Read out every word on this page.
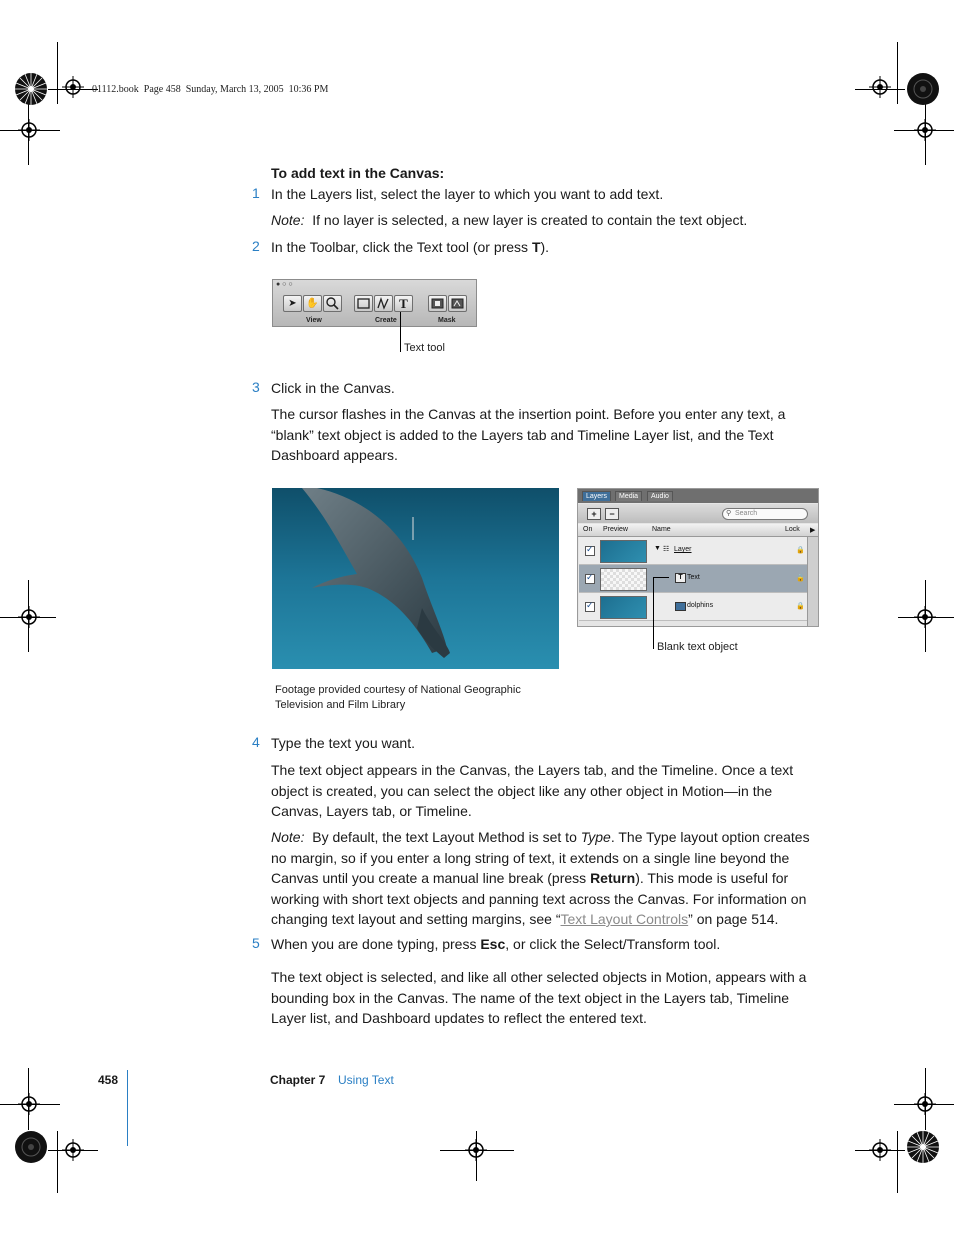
01112.book  Page 458  Sunday, March 13, 2005  10:36 PM
To add text in the Canvas:
1 In the Layers list, select the layer to which you want to add text.
Note: If no layer is selected, a new layer is created to contain the text object.
2 In the Toolbar, click the Text tool (or press T).
● ○ ○
➤ ✋	T
View	Create	Mask
Text tool
3 Click in the Canvas.
The cursor flashes in the Canvas at the insertion point. Before you enter any text, a “blank” text object is added to the Layers tab and Timeline Layer list, and the Text Dashboard appears.
Footage provided courtesy of National Geographic Television and Film Library
Layers	Media	Audio
+	−	⚲ Search
On Preview	Name	Lock ▶
✓	▼ ☷ Layer	🔒
✓	T Text	🔒
✓	dolphins	🔒
Blank text object
4 Type the text you want.
The text object appears in the Canvas, the Layers tab, and the Timeline. Once a text object is created, you can select the object like any other object in Motion—in the Canvas, Layers tab, or Timeline.
Note: By default, the text Layout Method is set to Type. The Type layout option creates no margin, so if you enter a long string of text, it extends on a single line beyond the Canvas until you create a manual line break (press Return). This mode is useful for working with short text objects and panning text across the Canvas. For information on changing text layout and setting margins, see “Text Layout Controls” on page 514.
5 When you are done typing, press Esc, or click the Select/Transform tool.
The text object is selected, and like all other selected objects in Motion, appears with a bounding box in the Canvas. The name of the text object in the Layers tab, Timeline Layer list, and Dashboard updates to reflect the entered text.
458	Chapter 7 Using Text
